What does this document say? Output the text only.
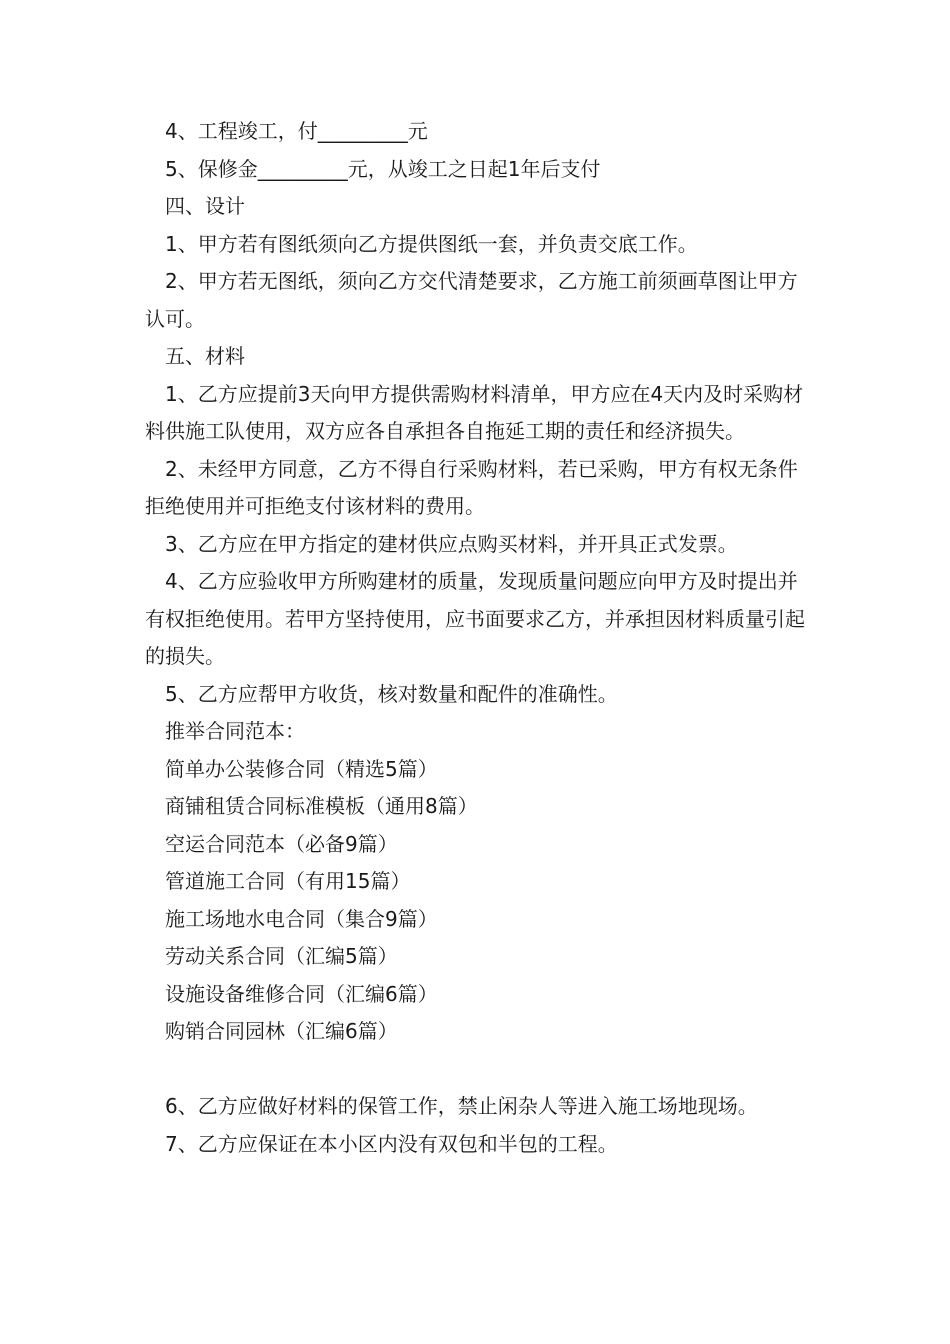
4、工程竣工，付_________元

5、保修金_________元，从竣工之日起1年后支付

四、设计

1、甲方若有图纸须向乙方提供图纸一套，并负责交底工作。

2、甲方若无图纸，须向乙方交代清楚要求，乙方施工前须画草图让甲方认可。

五、材料

1、乙方应提前3天向甲方提供需购材料清单，甲方应在4天内及时采购材料供施工队使用，双方应各自承担各自拖延工期的责任和经济损失。

2、未经甲方同意，乙方不得自行采购材料，若已采购，甲方有权无条件拒绝使用并可拒绝支付该材料的费用。

3、乙方应在甲方指定的建材供应点购买材料，并开具正式发票。

4、乙方应验收甲方所购建材的质量，发现质量问题应向甲方及时提出并有权拒绝使用。若甲方坚持使用，应书面要求乙方，并承担因材料质量引起的损失。

5、乙方应帮甲方收货，核对数量和配件的准确性。

推举合同范本：

简单办公装修合同（精选5篇）

商铺租赁合同标准模板（通用8篇）

空运合同范本（必备9篇）

管道施工合同（有用15篇）

施工场地水电合同（集合9篇）

劳动关系合同（汇编5篇）

设施设备维修合同（汇编6篇）

购销合同园林（汇编6篇）

6、乙方应做好材料的保管工作，禁止闲杂人等进入施工场地现场。

7、乙方应保证在本小区内没有双包和半包的工程。
